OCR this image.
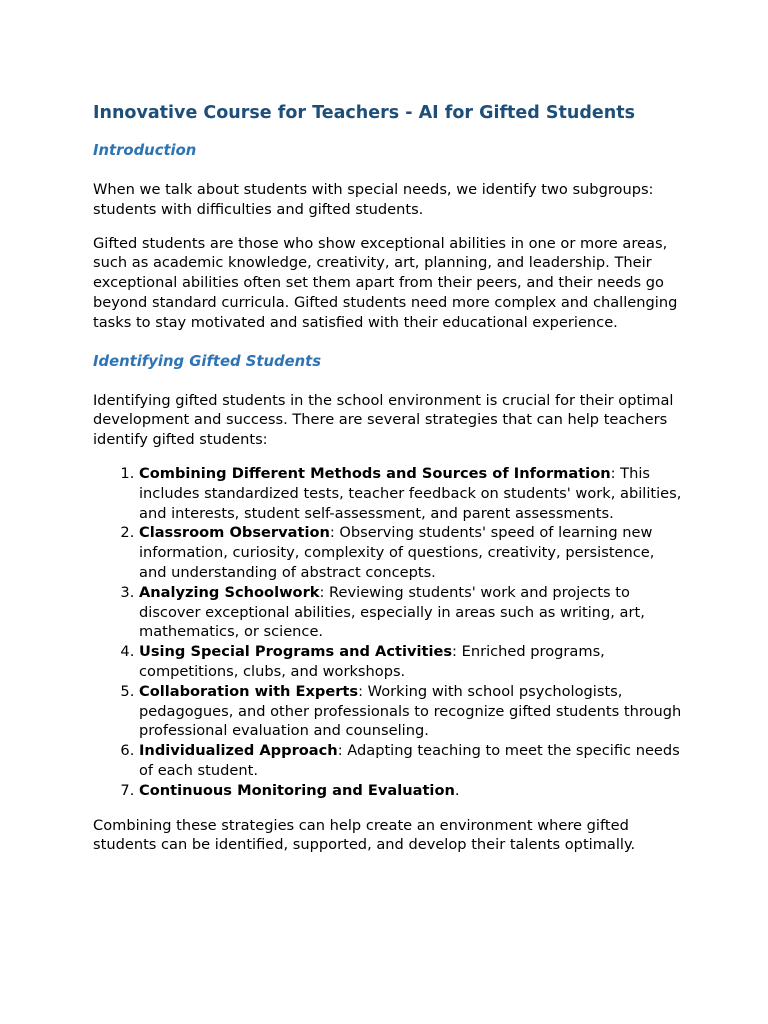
Innovative Course for Teachers - AI for Gifted Students
Introduction

When we talk about students with special needs, we identify two subgroups: students with difficulties and gifted students.

Gifted students are those who show exceptional abilities in one or more areas, such as academic knowledge, creativity, art, planning, and leadership. Their exceptional abilities often set them apart from their peers, and their needs go beyond standard curricula. Gifted students need more complex and challenging tasks to stay motivated and satisfied with their educational experience.

Identifying Gifted Students

Identifying gifted students in the school environment is crucial for their optimal development and success. There are several strategies that can help teachers identify gifted students:

1. Combining Different Methods and Sources of Information: This includes standardized tests, teacher feedback on students' work, abilities, and interests, student self-assessment, and parent assessments.
2. Classroom Observation: Observing students' speed of learning new information, curiosity, complexity of questions, creativity, persistence, and understanding of abstract concepts.
3. Analyzing Schoolwork: Reviewing students' work and projects to discover exceptional abilities, especially in areas such as writing, art, mathematics, or science.
4. Using Special Programs and Activities: Enriched programs, competitions, clubs, and workshops.
5. Collaboration with Experts: Working with school psychologists, pedagogues, and other professionals to recognize gifted students through professional evaluation and counseling.
6. Individualized Approach: Adapting teaching to meet the specific needs of each student.
7. Continuous Monitoring and Evaluation.

Combining these strategies can help create an environment where gifted students can be identified, supported, and develop their talents optimally.
